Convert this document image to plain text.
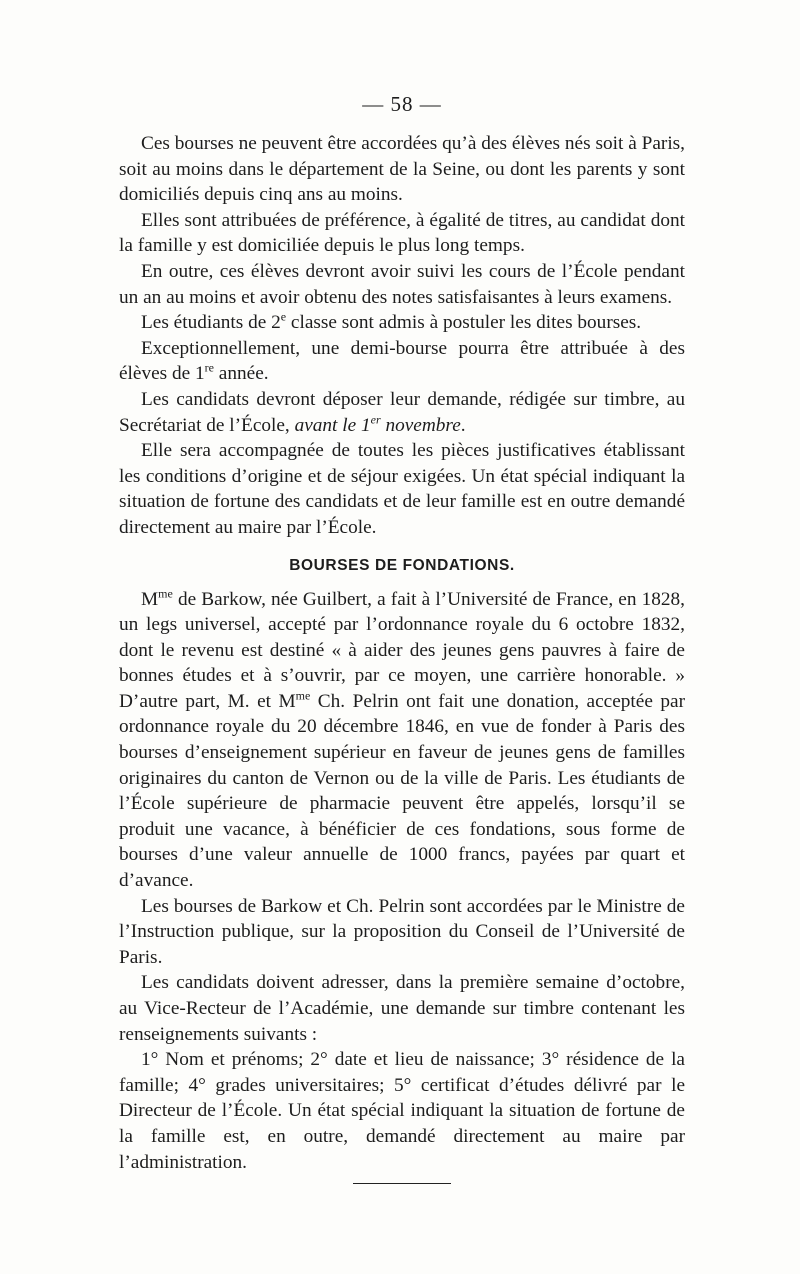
— 58 —

Ces bourses ne peuvent être accordées qu’à des élèves nés soit à Paris, soit au moins dans le département de la Seine, ou dont les parents y sont domiciliés depuis cinq ans au moins.

Elles sont attribuées de préférence, à égalité de titres, au candidat dont la famille y est domiciliée depuis le plus long temps.

En outre, ces élèves devront avoir suivi les cours de l’École pendant un an au moins et avoir obtenu des notes satisfaisantes à leurs examens.

Les étudiants de 2e classe sont admis à postuler les dites bourses.

Exceptionnellement, une demi-bourse pourra être attribuée à des élèves de 1re année.

Les candidats devront déposer leur demande, rédigée sur timbre, au Secrétariat de l’École, avant le 1er novembre.

Elle sera accompagnée de toutes les pièces justificatives établissant les conditions d’origine et de séjour exigées. Un état spécial indiquant la situation de fortune des candidats et de leur famille est en outre demandé directement au maire par l’École.

BOURSES DE FONDATIONS.

$M^{me}$ de Barkow, née Guilbert, a fait à l’Université de France, en 1828, un legs universel, accepté par l’ordonnance royale du 6 octobre 1832, dont le revenu est destiné « à aider des jeunes gens pauvres à faire de bonnes études et à s’ouvrir, par ce moyen, une carrière honorable. » D’autre part, M. et $M^{me}$ Ch. Pelrin ont fait une donation, acceptée par ordonnance royale du 20 décembre 1846, en vue de fonder à Paris des bourses d’enseignement supérieur en faveur de jeunes gens de familles originaires du canton de Vernon ou de la ville de Paris. Les étudiants de l’École supérieure de pharmacie peuvent être appelés, lorsqu’il se produit une vacance, à bénéficier de ces fondations, sous forme de bourses d’une valeur annuelle de 1000 francs, payées par quart et d’avance.

Les bourses de Barkow et Ch. Pelrin sont accordées par le Ministre de l’Instruction publique, sur la proposition du Conseil de l’Université de Paris.

Les candidats doivent adresser, dans la première semaine d’octobre, au Vice-Recteur de l’Académie, une demande sur timbre contenant les renseignements suivants :

1° Nom et prénoms; 2° date et lieu de naissance; 3° résidence de la famille; 4° grades universitaires; 5° certificat d’études délivré par le Directeur de l’École. Un état spécial indiquant la situation de fortune de la famille est, en outre, demandé directement au maire par l’administration.
